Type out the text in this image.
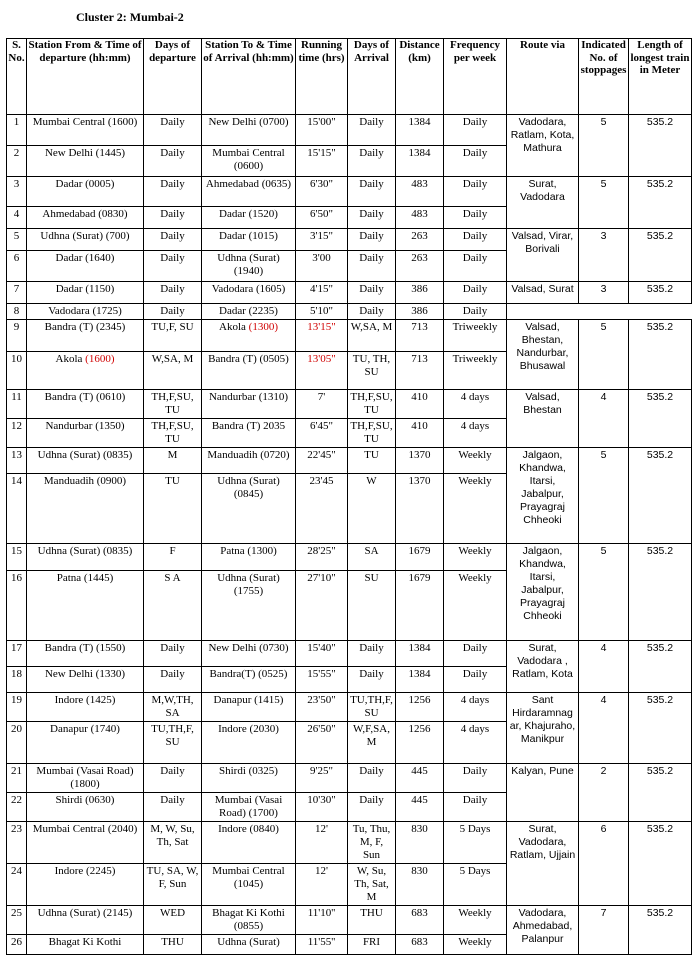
Cluster 2: Mumbai-2
S. No.	Station From & Time of departure (hh:mm)	Days of departure	Station To & Time of Arrival (hh:mm)	Running time (hrs)	Days of Arrival	Distance (km)	Frequency per week	Route via	Indicated No. of stoppages	Length of longest train in Meter
1	Mumbai Central (1600)	Daily	New Delhi (0700)	15'00"	Daily	1384	Daily	Vadodara, Ratlam, Kota, Mathura	5	535.2
2	New Delhi (1445)	Daily	Mumbai Central (0600)	15'15"	Daily	1384	Daily			
3	Dadar (0005)	Daily	Ahmedabad (0635)	6'30"	Daily	483	Daily	Surat, Vadodara	5	535.2
4	Ahmedabad (0830)	Daily	Dadar (1520)	6'50"	Daily	483	Daily			
5	Udhna (Surat) (700)	Daily	Dadar (1015)	3'15"	Daily	263	Daily	Valsad, Virar, Borivali	3	535.2
6	Dadar (1640)	Daily	Udhna (Surat) (1940)	3'00	Daily	263	Daily			
7	Dadar (1150)	Daily	Vadodara (1605)	4'15"	Daily	386	Daily	Valsad, Surat	3	535.2
8	Vadodara (1725)	Daily	Dadar (2235)	5'10"	Daily	386	Daily			
9	Bandra (T) (2345)	TU,F, SU	Akola (1300)	13'15"	W,SA, M	713	Triweekly	Valsad, Bhestan, Nandurbar, Bhusawal	5	535.2
10	Akola (1600)	W,SA, M	Bandra (T) (0505)	13'05"	TU, TH, SU	713	Triweekly			
11	Bandra (T) (0610)	TH,F,SU, TU	Nandurbar (1310)	7'	TH,F,SU, TU	410	4 days	Valsad, Bhestan	4	535.2
12	Nandurbar (1350)	TH,F,SU, TU	Bandra (T) 2035	6'45"	TH,F,SU, TU	410	4 days			
13	Udhna (Surat) (0835)	M	Manduadih (0720)	22'45"	TU	1370	Weekly	Jalgaon, Khandwa, Itarsi, Jabalpur, Prayagraj Chheoki	5	535.2
14	Manduadih (0900)	TU	Udhna (Surat) (0845)	23'45	W	1370	Weekly			
15	Udhna (Surat) (0835)	F	Patna (1300)	28'25"	SA	1679	Weekly	Jalgaon, Khandwa, Itarsi, Jabalpur, Prayagraj Chheoki	5	535.2
16	Patna (1445)	S A	Udhna (Surat) (1755)	27'10"	SU	1679	Weekly			
17	Bandra (T) (1550)	Daily	New Delhi (0730)	15'40"	Daily	1384	Daily	Surat, Vadodara , Ratlam, Kota	4	535.2
18	New Delhi (1330)	Daily	Bandra(T) (0525)	15'55"	Daily	1384	Daily			
19	Indore (1425)	M,W,TH, SA	Danapur (1415)	23'50"	TU,TH,F, SU	1256	4 days	Sant Hirdaramnag ar, Khajuraho, Manikpur	4	535.2
20	Danapur (1740)	TU,TH,F, SU	Indore (2030)	26'50"	W,F,SA, M	1256	4 days			
21	Mumbai (Vasai Road) (1800)	Daily	Shirdi (0325)	9'25"	Daily	445	Daily	Kalyan, Pune	2	535.2
22	Shirdi (0630)	Daily	Mumbai (Vasai Road) (1700)	10'30"	Daily	445	Daily			
23	Mumbai Central (2040)	M, W, Su, Th, Sat	Indore (0840)	12'	Tu, Thu, M, F, Sun	830	5 Days	Surat, Vadodara, Ratlam, Ujjain	6	535.2
24	Indore (2245)	TU, SA, W, F, Sun	Mumbai Central (1045)	12'	W, Su, Th, Sat, M	830	5 Days			
25	Udhna (Surat) (2145)	WED	Bhagat Ki Kothi (0855)	11'10''	THU	683	Weekly	Vadodara, Ahmedabad, Palanpur	7	535.2
26	Bhagat Ki Kothi	THU	Udhna (Surat)	11'55''	FRI	683	Weekly			
